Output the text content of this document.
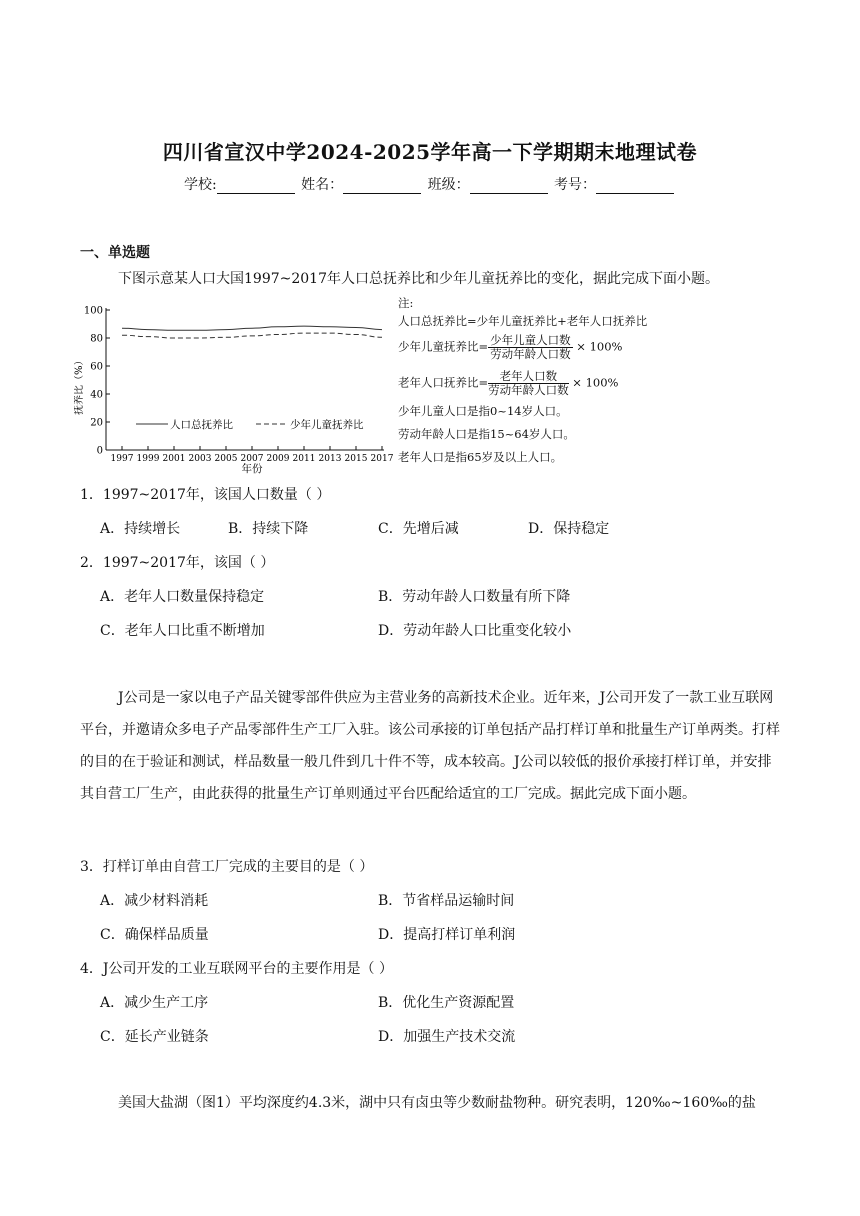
四川省宣汉中学2024-2025学年高一下学期期末地理试卷
学校:	姓名：	班级：	考号：
一、单选题
下图示意某人口大国1997~2017年人口总抚养比和少年儿童抚养比的变化，据此完成下面小题。
抚养比（%）
0
20
40
60
80
100
1997 1999 2001 2003 2005 2007 2009 2011 2013 2015 2017
人口总抚养比	少年儿童抚养比
年份
注:
人口总抚养比=少年儿童抚养比+老年人口抚养比
少年儿童抚养比= $\frac{\text{少年儿童人口数}}{\text{劳动年龄人口数}} \times 100\%$
老年人口抚养比= $\frac{\text{老年人口数}}{\text{劳动年龄人口数}} \times 100\%$
少年儿童人口是指0~14岁人口。
劳动年龄人口是指15~64岁人口。
老年人口是指65岁及以上人口。
1．1997~2017年，该国人口数量（ ）
A．持续增长	B．持续下降	C．先增后减	D．保持稳定
2．1997~2017年，该国（ ）
A．老年人口数量保持稳定	B．劳动年龄人口数量有所下降
C．老年人口比重不断增加	D．劳动年龄人口比重变化较小
J公司是一家以电子产品关键零部件供应为主营业务的高新技术企业。近年来，J公司开发了一款工业互联网平台，并邀请众多电子产品零部件生产工厂入驻。该公司承接的订单包括产品打样订单和批量生产订单两类。打样的目的在于验证和测试，样品数量一般几件到几十件不等，成本较高。J公司以较低的报价承接打样订单，并安排其自营工厂生产，由此获得的批量生产订单则通过平台匹配给适宜的工厂完成。据此完成下面小题。
3．打样订单由自营工厂完成的主要目的是（ ）
A．减少材料消耗	B．节省样品运输时间
C．确保样品质量	D．提高打样订单利润
4．J公司开发的工业互联网平台的主要作用是（ ）
A．减少生产工序	B．优化生产资源配置
C．延长产业链条	D．加强生产技术交流
美国大盐湖（图1）平均深度约4.3米，湖中只有卤虫等少数耐盐物种。研究表明，120‰~160‰的盐
